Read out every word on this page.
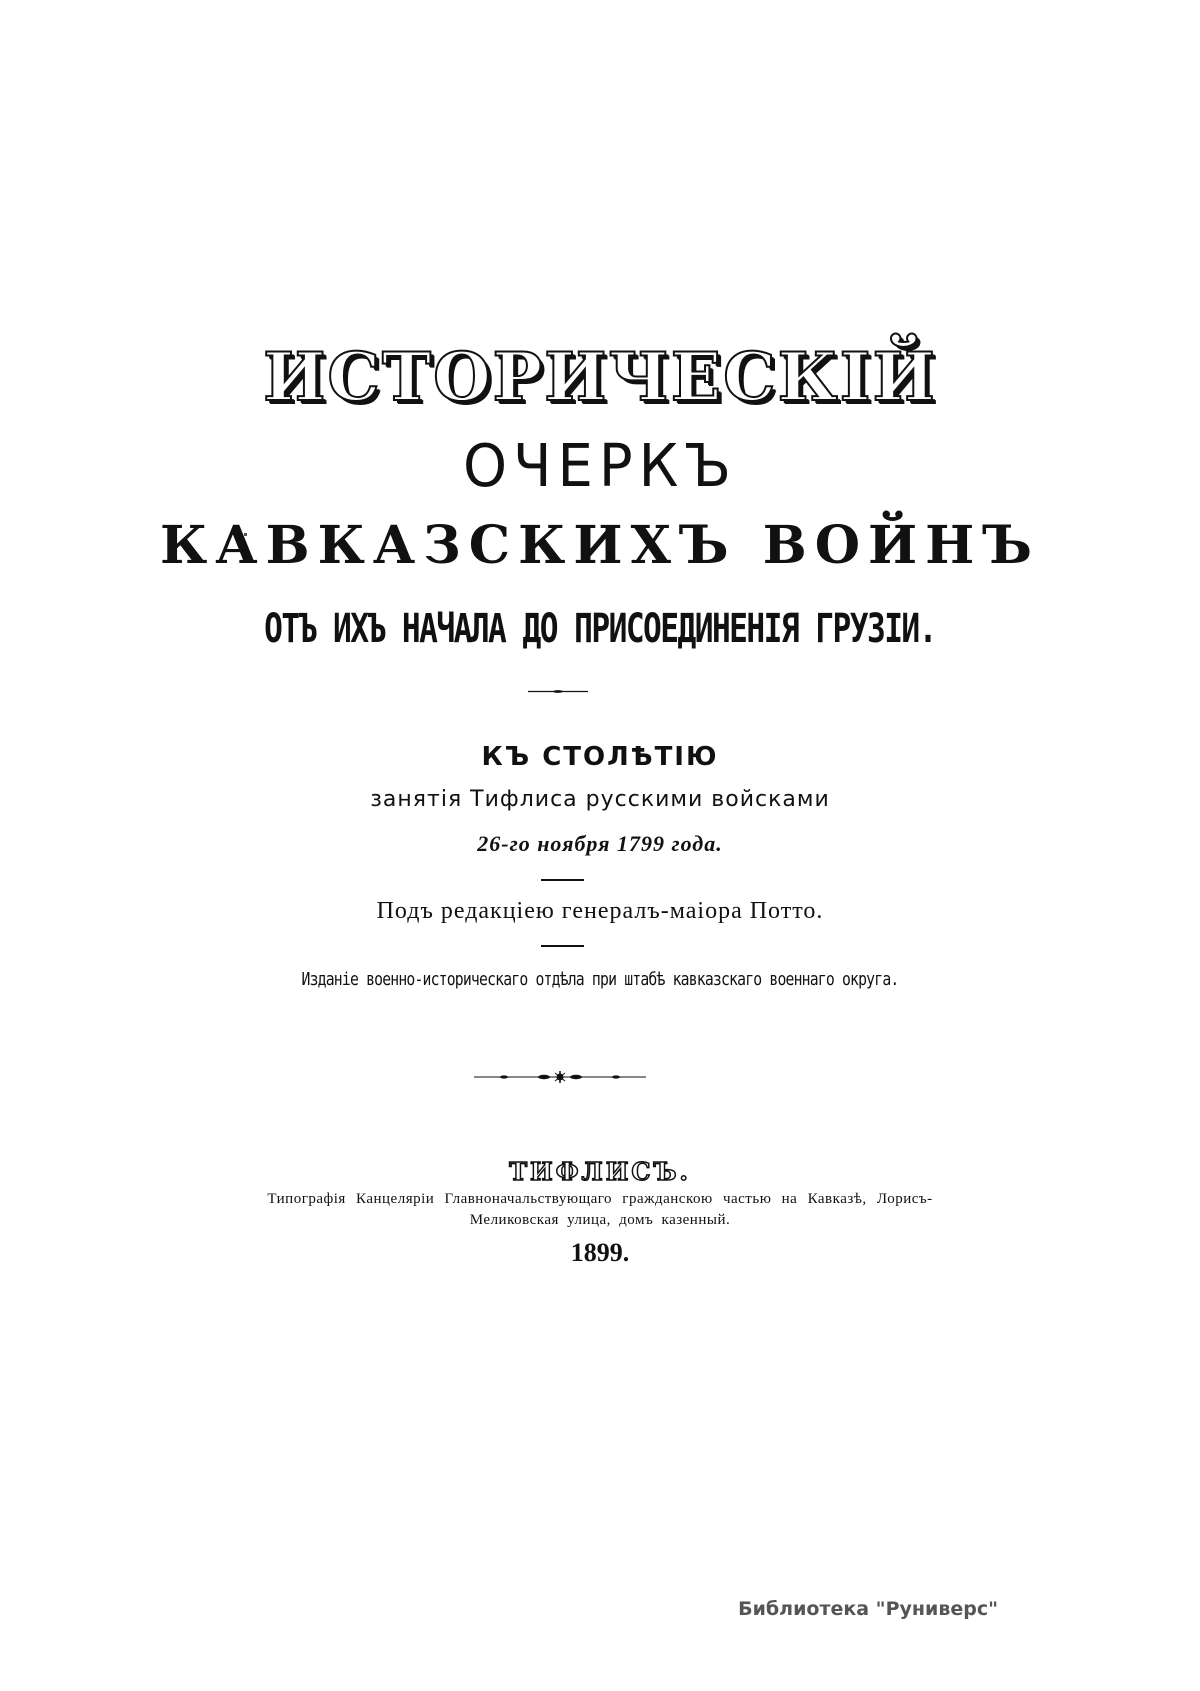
ИСТОРИЧЕСКІЙ
ОЧЕРКЪ
КАВКАЗСКИХЪ ВОЙНЪ
ОТЪ ИХЪ НАЧАЛА ДО ПРИСОЕДИНЕНІЯ ГРУЗІИ.
КЪ СТОЛѢТІЮ
занятія Тифлиса русскими войсками
26-го ноября 1799 года.
Подъ редакціею генералъ-маіора Потто.
Изданіе военно-историческаго отдѣла при штабѣ кавказскаго военнаго округа.
ТИФЛИСЪ.
Типографія Канцеляріи Главноначальствующаго гражданскою частью на Кавказѣ, Лорисъ-
Меликовская улица, домъ казенный.
1899.
Библиотека "Руниверс"
